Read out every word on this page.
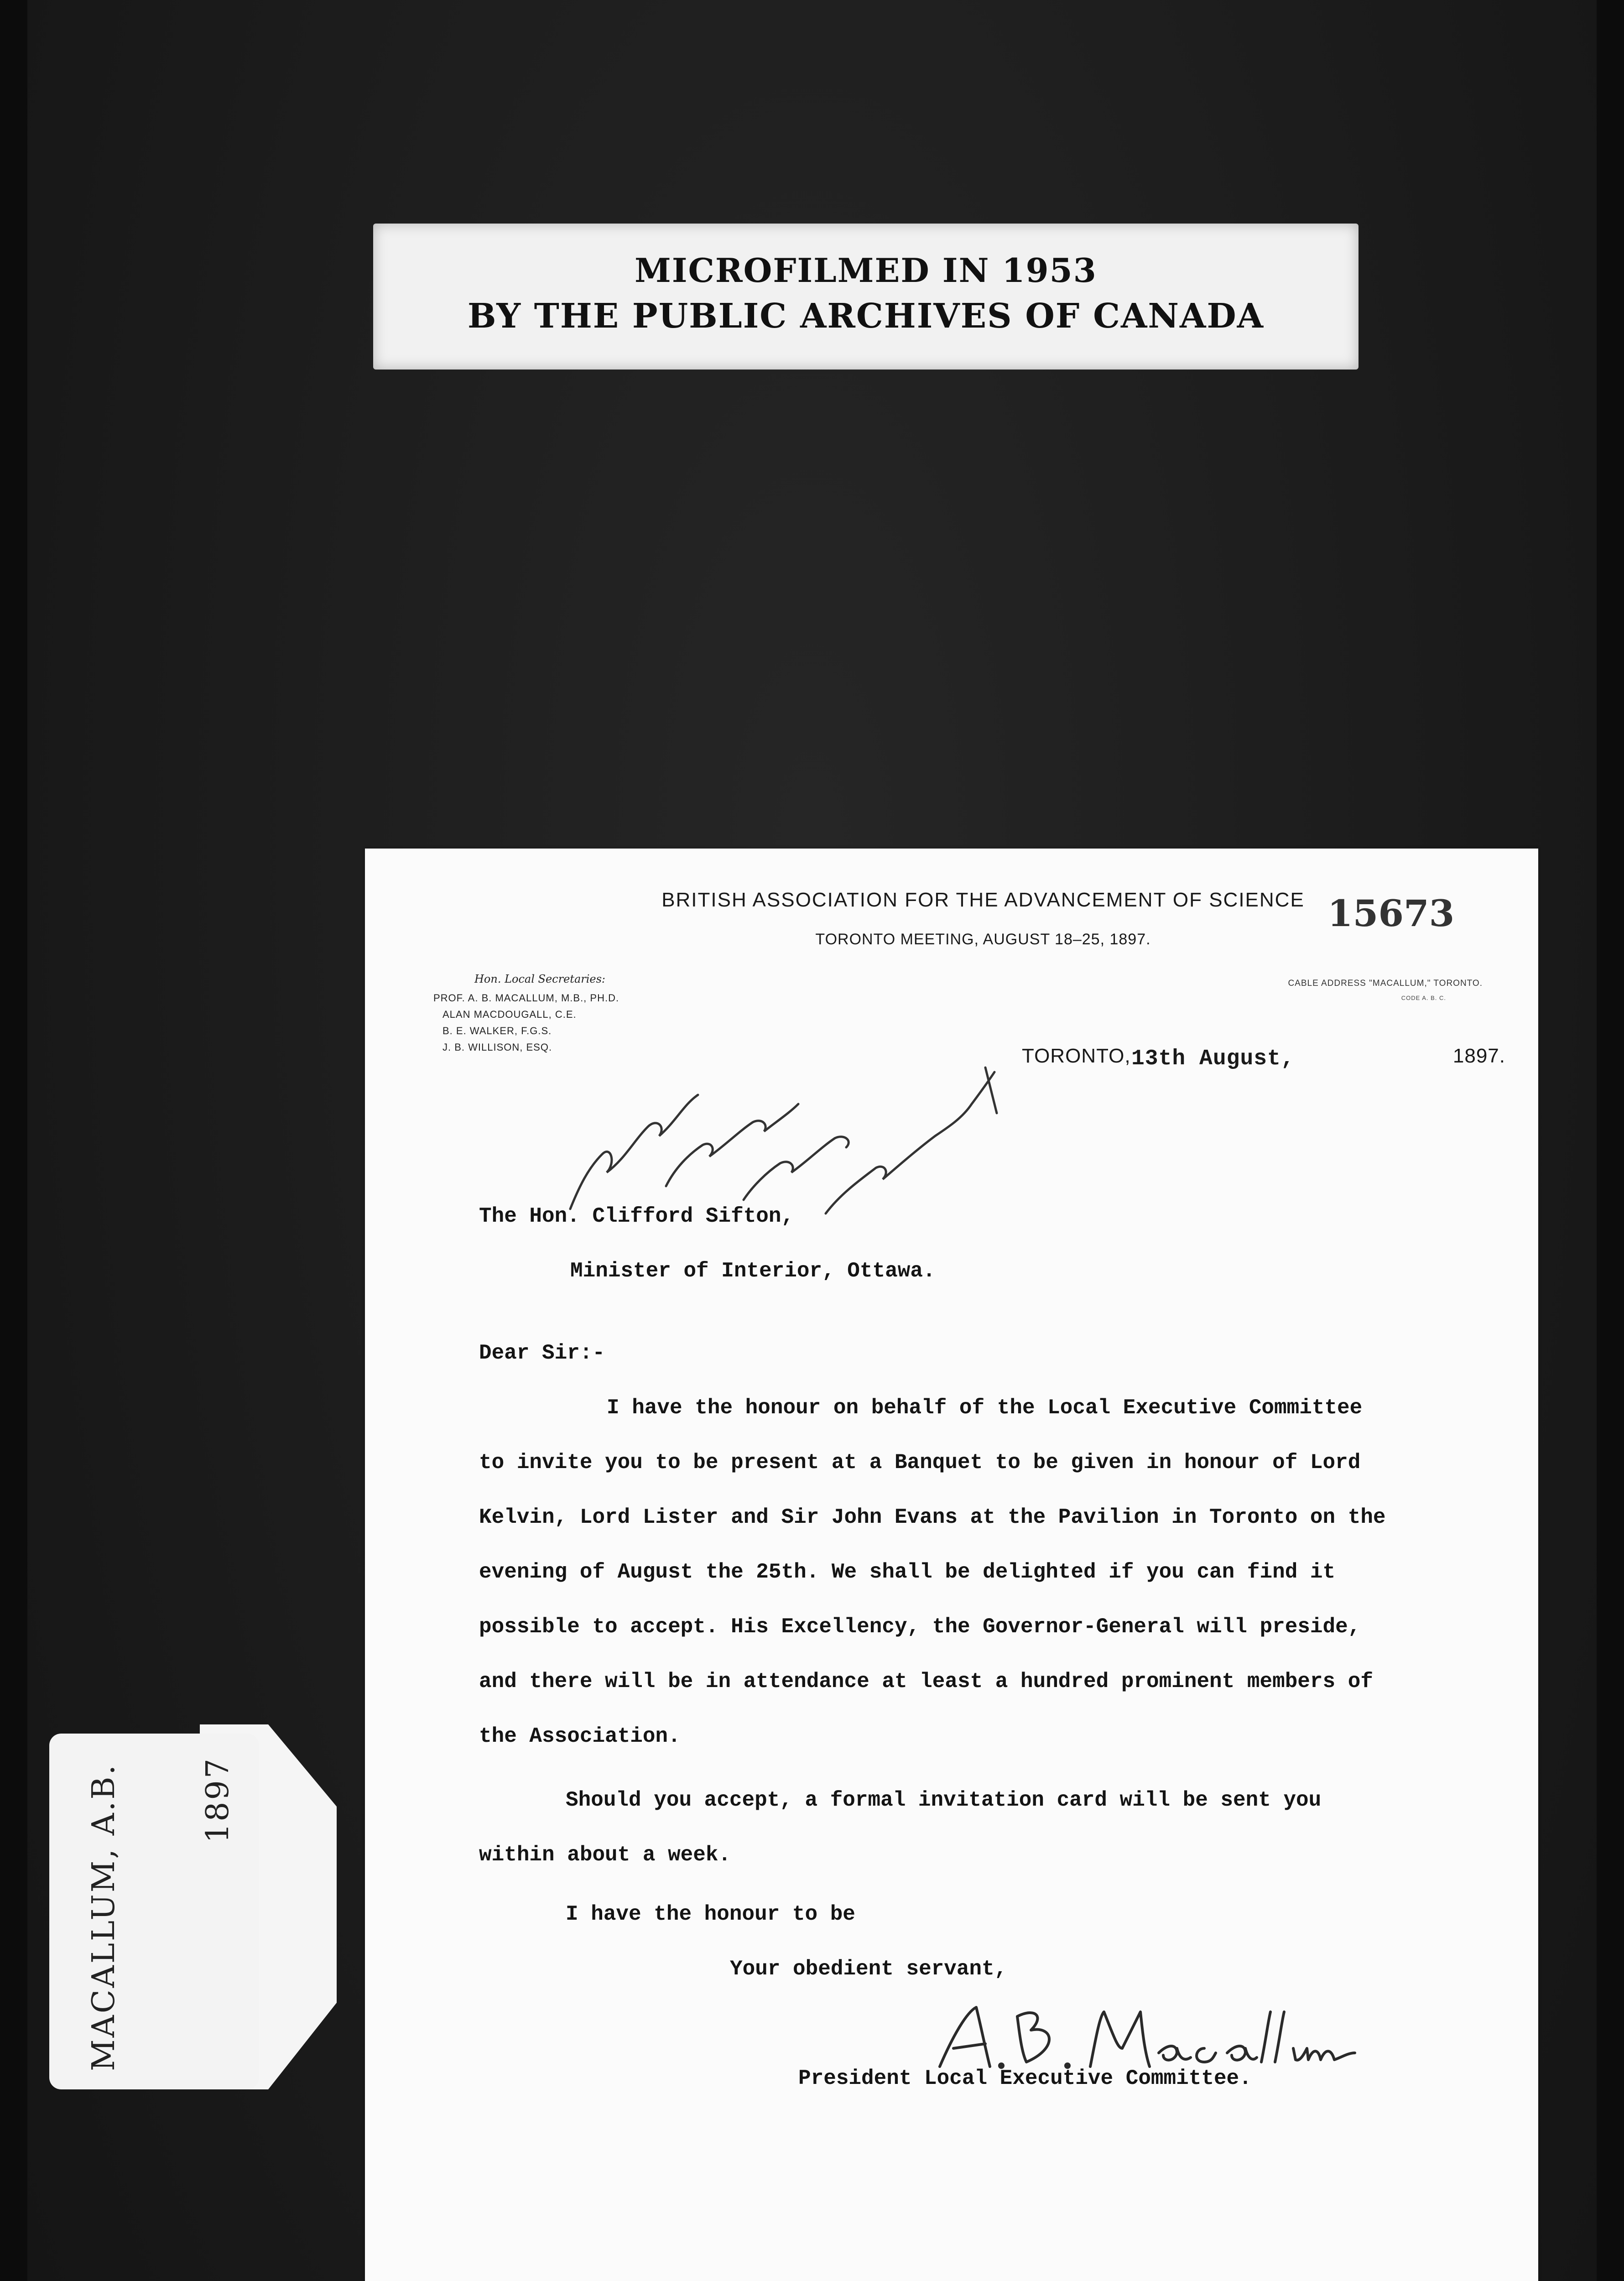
MICROFILMED IN 1953
BY THE PUBLIC ARCHIVES OF CANADA
BRITISH ASSOCIATION FOR THE ADVANCEMENT OF SCIENCE
TORONTO MEETING, AUGUST 18–25, 1897.
15673
Hon. Local Secretaries:
PROF. A. B. MACALLUM, M.B., PH.D.
ALAN MACDOUGALL, C.E.
B. E. WALKER, F.G.S.
J. B. WILLISON, ESQ.
CABLE ADDRESS "MACALLUM," TORONTO.
CODE A. B. C.
TORONTO, 13th August,	1897.
The Hon. Clifford Sifton,
Minister of Interior, Ottawa.
Dear Sir:-
I have the honour on behalf of the Local Executive Committee
to invite you to be present at a Banquet to be given in honour of Lord
Kelvin, Lord Lister and Sir John Evans at the Pavilion in Toronto on the
evening of August the 25th. We shall be delighted if you can find it
possible to accept. His Excellency, the Governor-General will preside,
and there will be in attendance at least a hundred prominent members of
the Association.
Should you accept, a formal invitation card will be sent you
within about a week.
I have the honour to be
Your obedient servant,
President Local Executive Committee.
MACALLUM, A.B.	1897
